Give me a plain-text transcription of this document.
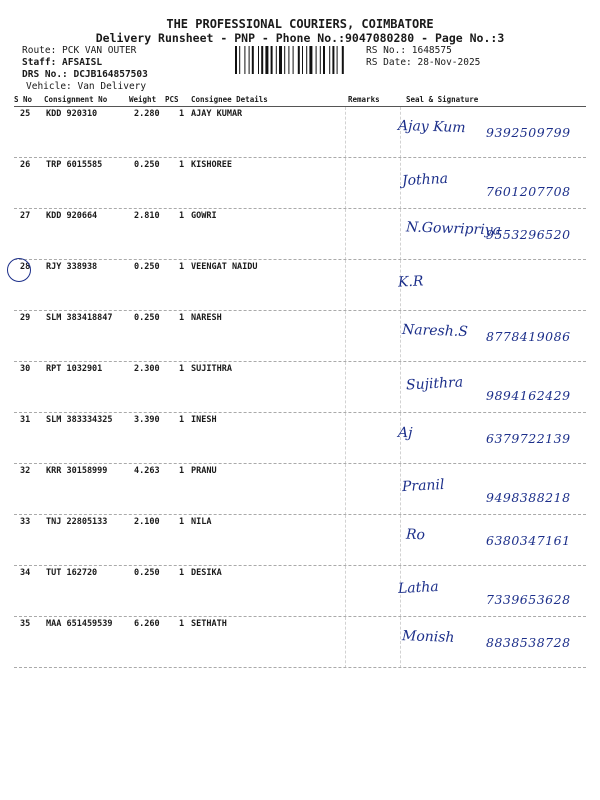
THE PROFESSIONAL COURIERS, COIMBATORE
Delivery Runsheet - PNP - Phone No.:9047080280 - Page No.:3
Route: PCK VAN OUTER
Staff: AFSAISL
DRS No.: DCJB164857503
Vehicle: Van Delivery
RS No.: 1648575
RS Date: 28-Nov-2025
S No Consignment No	Weight PCS Consignee Details	Remarks	Seal & Signature
25 KDD 920310	2.280 1 AJAY KUMAR
Ajay Kum 9392509799
26 TRP 6015585	0.250 1 KISHOREE
Jothna
7601207708
27 KDD 920664	2.810 1 GOWRI
N.Gowripriya
9553296520
28 RJY 338938	0.250 1 VEENGAT NAIDU
K.R
29 SLM 383418847	0.250 1 NARESH
Naresh.S 8778419086
30 RPT 1032901	2.300 1 SUJITHRA
Sujithra
9894162429
31 SLM 383334325	3.390 1 INESH
Aj	6379722139
32 KRR 30158999	4.263 1 PRANU
Pranil
9498388218
33 TNJ 22805133	2.100 1 NILA
Ro	6380347161
34 TUT 162720	0.250 1 DESIKA
Latha
7339653628
35 MAA 651459539	6.260 1 SETHATH
Monish	8838538728
